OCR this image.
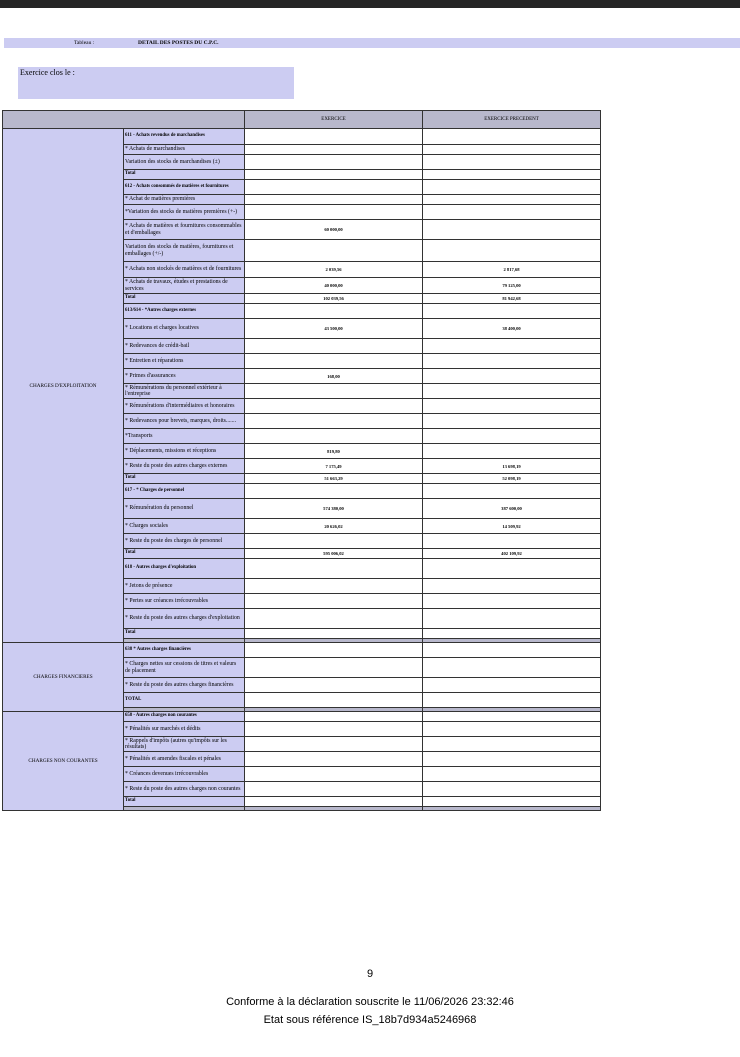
Tableau :	DETAIL DES POSTES DU C.P.C.
Exercice clos le :
		EXERCICE	EXERCICE PRECEDENT
CHARGES D'EXPLOITATION	611 - Achats revendus de marchandises		
	* Achats de marchandises		
	Variation des stocks de marchandises (±)		
	Total		
	612 - Achats consommés de matières et fournitures		
	* Achat de matières premières		
	*Variation des stocks de matières premières (+-)		
	* Achats de matières et fournitures consommables et d'emballages	60 000,00	
	Variation des stocks de matières, fournitures et emballages (+/-)		
	* Achats non stockés de matières et de fournitures	2 039,56	2 817,68
	* Achats de travaux, études et prestations de services	40 000,00	79 125,00
	Total	102 039,56	81 942,68
	613/614 - *Autres charges externes		
	* Locations et charges locatives	43 500,00	38 400,00
	* Redevances de crédit-bail		
	* Entretien et réparations		
	* Primes d'assurances	168,00	
	* Rémunérations du personnel extérieur à l'entreprise		
	* Rémunérations d'intermédiaires et honoraires		
	* Redevances pour brevets, marques, droits.......		
	*Transports		
	* Déplacements, missions et réceptions	819,80	
	* Reste du poste des autres charges externes	7 175,49	13 698,19
	Total	51 663,29	52 098,19
	617 - * Charges de personnel		
	* Rémunération du personnel	574 380,00	387 600,00
	* Charges sociales	20 626,02	14 509,92
	* Reste du poste des charges de personnel		
	Total	595 006,02	402 109,92
	618 - Autres charges d'exploitation		
	* Jetons de présence		
	* Pertes sur créances irrécouvrables		
	* Reste du poste des autres charges d'exploitation		
	Total		

CHARGES FINANCIERES	638 * Autres charges financières		
	* Charges nettes sur cessions de titres et valeurs de placement		
	* Reste du poste des autres charges financières		
	TOTAL		

CHARGES NON COURANTES	658 - Autres charges non courantes		
	* Pénalités sur marchés et dédits		
	* Rappels d'impôts (autres qu'impôts sur les résultats)		
	* Pénalités et amendes fiscales et pénales		
	* Créances devenues irrécouvrables		
	* Reste du poste des autres charges non courantes		
	Total		

9
Conforme à la déclaration souscrite le 11/06/2026 23:32:46
Etat sous référence IS_18b7d934a5246968
